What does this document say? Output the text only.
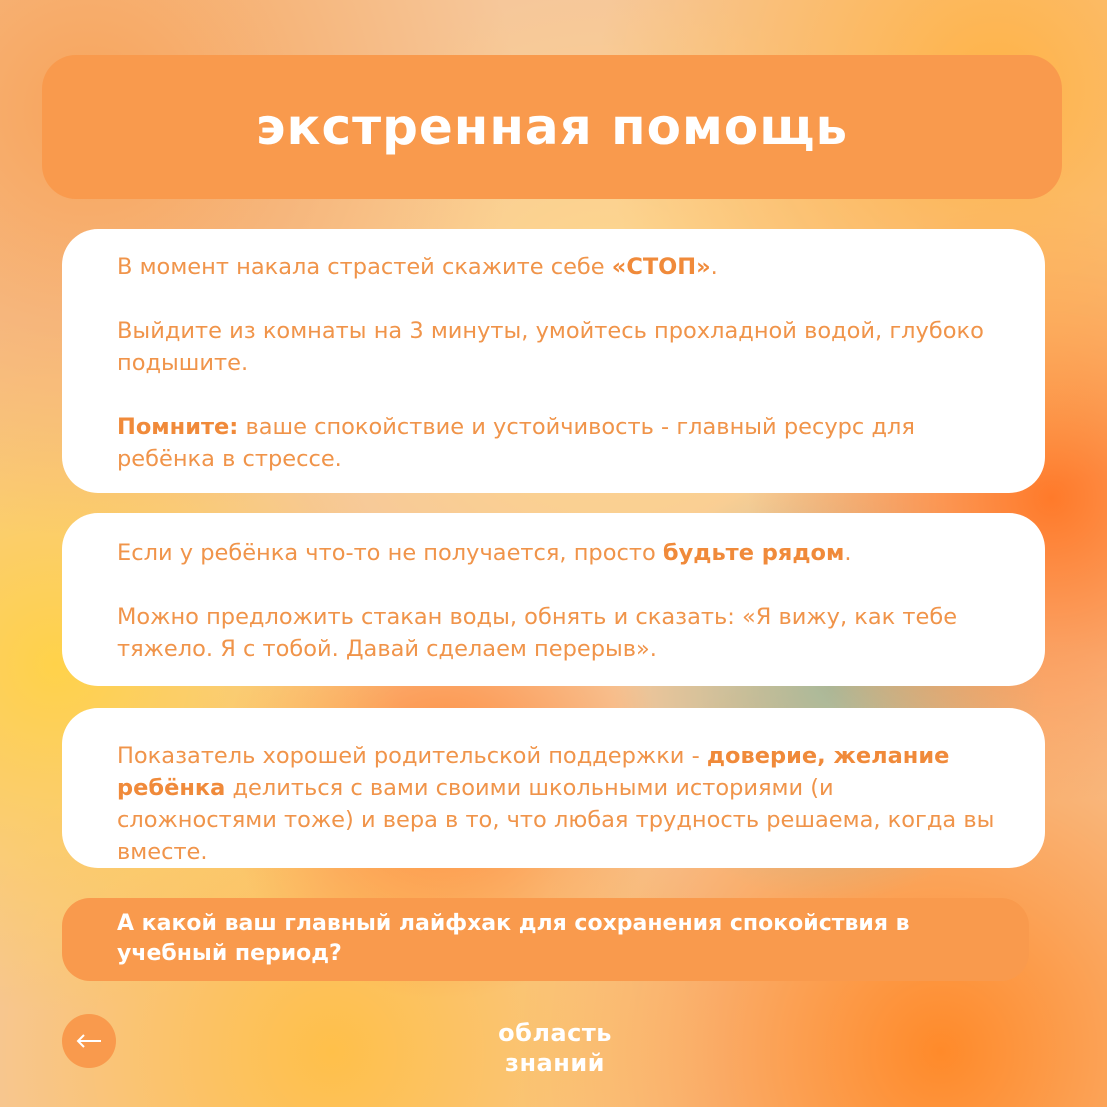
экстренная помощь

В момент накала страстей скажите себе «СТОП».

Выйдите из комнаты на 3 минуты, умойтесь прохладной водой, глубоко подышите.

Помните: ваше спокойствие и устойчивость - главный ресурс для ребёнка в стрессе.

Если у ребёнка что-то не получается, просто будьте рядом.

Можно предложить стакан воды, обнять и сказать: «Я вижу, как тебе тяжело. Я с тобой. Давай сделаем перерыв».

Показатель хорошей родительской поддержки - доверие, желание ребёнка делиться с вами своими школьными историями (и сложностями тоже) и вера в то, что любая трудность решаема, когда вы вместе.

А какой ваш главный лайфхак для сохранения спокойствия в учебный период?
область
знаний
